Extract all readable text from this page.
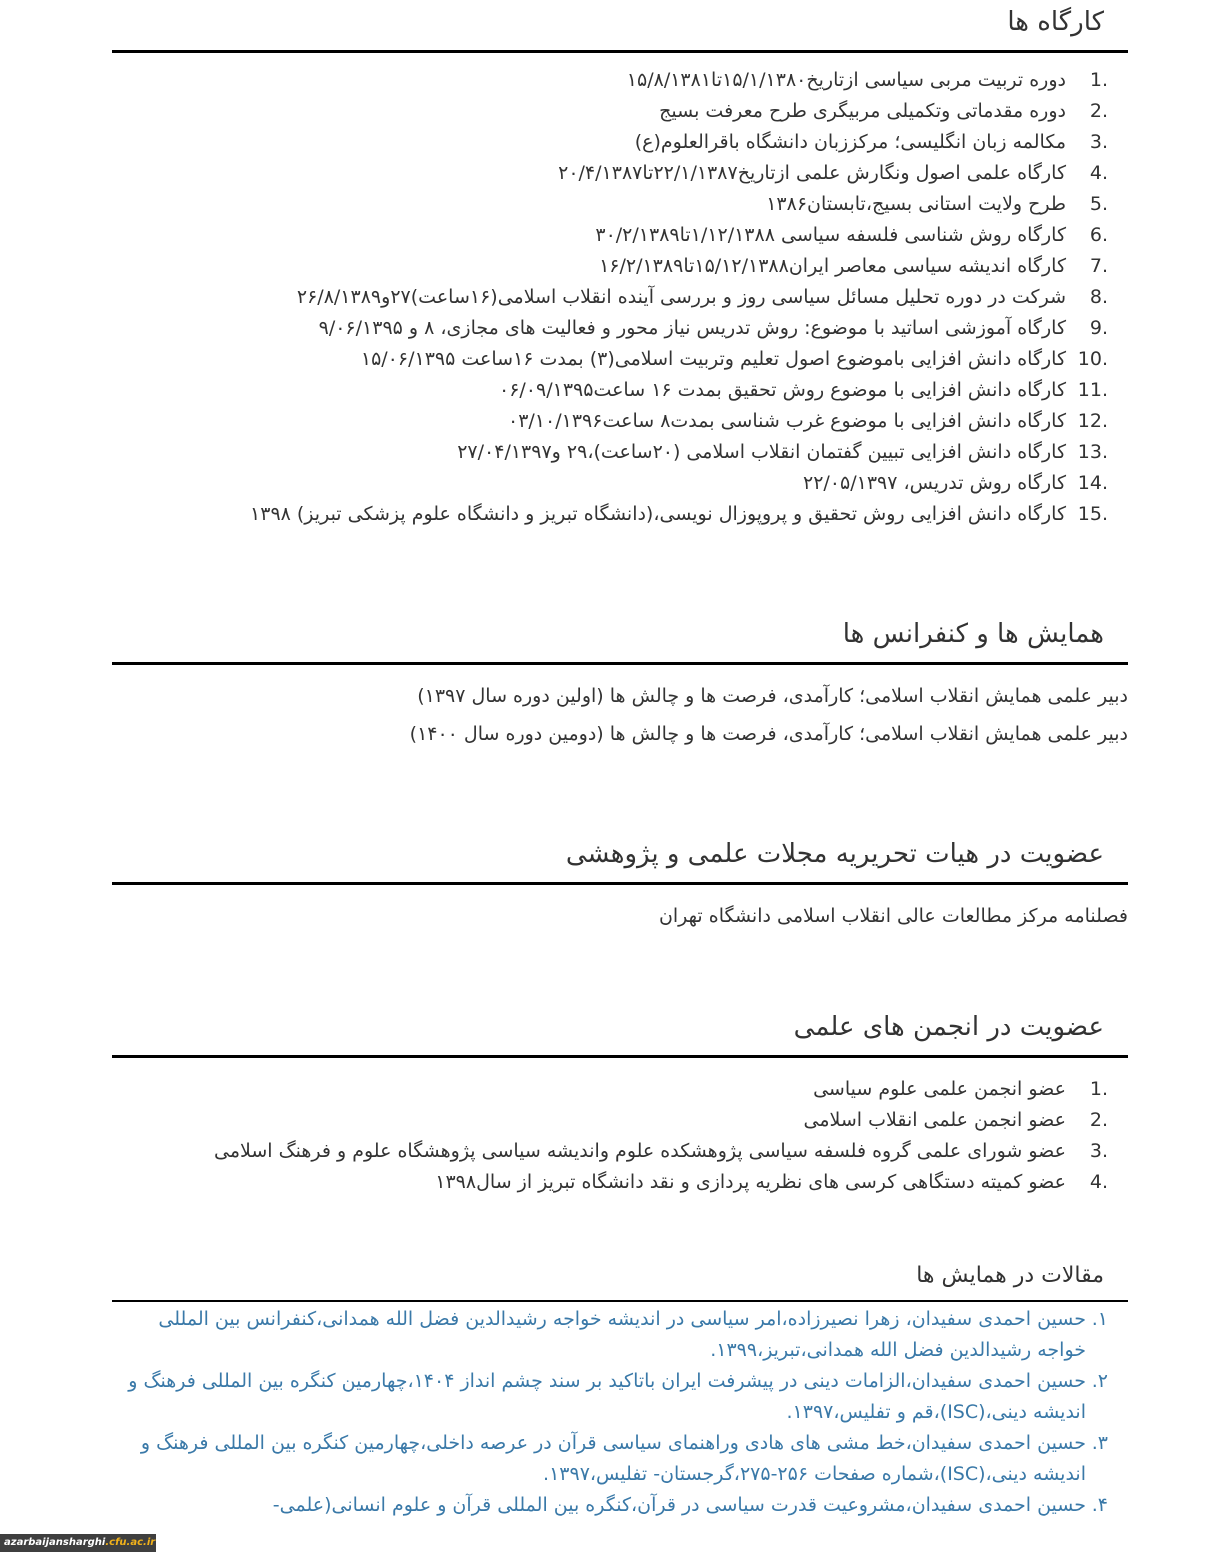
کارگاه ها
1.
دوره تربیت مربی سیاسی ازتاریخ۱۵/۱/۱۳۸۰تا۱۵/۸/۱۳۸۱
2.
دوره مقدماتی وتکمیلی مربیگری طرح معرفت بسیج
3.
مکالمه زبان انگلیسی؛ مرکززبان دانشگاه باقرالعلوم(ع)
4.
کارگاه علمی اصول ونگارش علمی ازتاریخ۲۲/۱/۱۳۸۷تا۲۰/۴/۱۳۸۷
5.
طرح ولایت استانی بسیج،تابستان۱۳۸۶
6.
کارگاه روش شناسی فلسفه سیاسی ۱/۱۲/۱۳۸۸تا۳۰/۲/۱۳۸۹
7.
کارگاه اندیشه سیاسی معاصر ایران۱۵/۱۲/۱۳۸۸تا۱۶/۲/۱۳۸۹
8.
شرکت در دوره تحلیل مسائل سیاسی روز و بررسی آینده انقلاب اسلامی(۱۶ساعت)۲۷و۲۶/۸/۱۳۸۹
9.
کارگاه آموزشی اساتید با موضوع: روش تدریس نیاز محور و فعالیت های مجازی، ۸ و ۹/۰۶/۱۳۹۵
10.
کارگاه دانش افزایی باموضوع اصول تعلیم وتربیت اسلامی(۳) بمدت ۱۶ساعت ۱۵/۰۶/۱۳۹۵
11.
کارگاه دانش افزایی با موضوع روش تحقیق بمدت ۱۶ ساعت۰۶/۰۹/۱۳۹۵
12.
کارگاه دانش افزایی با موضوع غرب شناسی بمدت۸ ساعت۰۳/۱۰/۱۳۹۶
13.
کارگاه دانش افزایی تبیین گفتمان انقلاب اسلامی (۲۰ساعت)،۲۹ و۲۷/۰۴/۱۳۹۷
14.
کارگاه روش تدریس، ۲۲/۰۵/۱۳۹۷
15.
کارگاه دانش افزایی روش تحقیق و پروپوزال نویسی،(دانشگاه تبریز و دانشگاه علوم پزشکی تبریز) ۱۳۹۸
همایش ها و کنفرانس ها

دبیر علمی همایش انقلاب اسلامی؛ کارآمدی، فرصت ها و چالش ها (اولین دوره سال ۱۳۹۷)

دبیر علمی همایش انقلاب اسلامی؛ کارآمدی، فرصت ها و چالش ها (دومین دوره سال ۱۴۰۰)

عضویت در هیات تحریریه مجلات علمی و پژوهشی

فصلنامه مرکز مطالعات عالی انقلاب اسلامی دانشگاه تهران

عضویت در انجمن های علمی
1.
عضو انجمن علمی علوم سیاسی
2.
عضو انجمن علمی انقلاب اسلامی
3.
عضو شورای علمی گروه فلسفه سیاسی پژوهشکده علوم واندیشه سیاسی پژوهشگاه علوم و فرهنگ اسلامی
4.
عضو کمیته دستگاهی کرسی های نظریه پردازی و نقد دانشگاه تبریز از سال۱۳۹۸
مقالات در همایش ها
۱.
حسین احمدی سفیدان، زهرا نصیرزاده،امر سیاسی در اندیشه خواجه رشیدالدین فضل الله همدانی،کنفرانس بین المللی خواجه رشیدالدین فضل الله همدانی،تبریز،۱۳۹۹.
۲.
حسین احمدی سفیدان،الزامات دینی در پیشرفت ایران باتاکید بر سند چشم انداز ۱۴۰۴،چهارمین کنگره بین المللی فرهنگ و اندیشه دینی،(ISC)،قم و تفلیس،۱۳۹۷.
۳.
حسین احمدی سفیدان،خط مشی های هادی وراهنمای سیاسی قرآن در عرصه داخلی،چهارمین کنگره بین المللی فرهنگ و اندیشه دینی،(ISC)،شماره صفحات ۲۵۶-۲۷۵،گرجستان- تفلیس،۱۳۹۷.
۴.
حسین احمدی سفیدان،مشروعیت قدرت سیاسی در قرآن،کنگره بین المللی قرآن و علوم انسانی(علمی-
azarbaijansharghi.cfu.ac.ir
